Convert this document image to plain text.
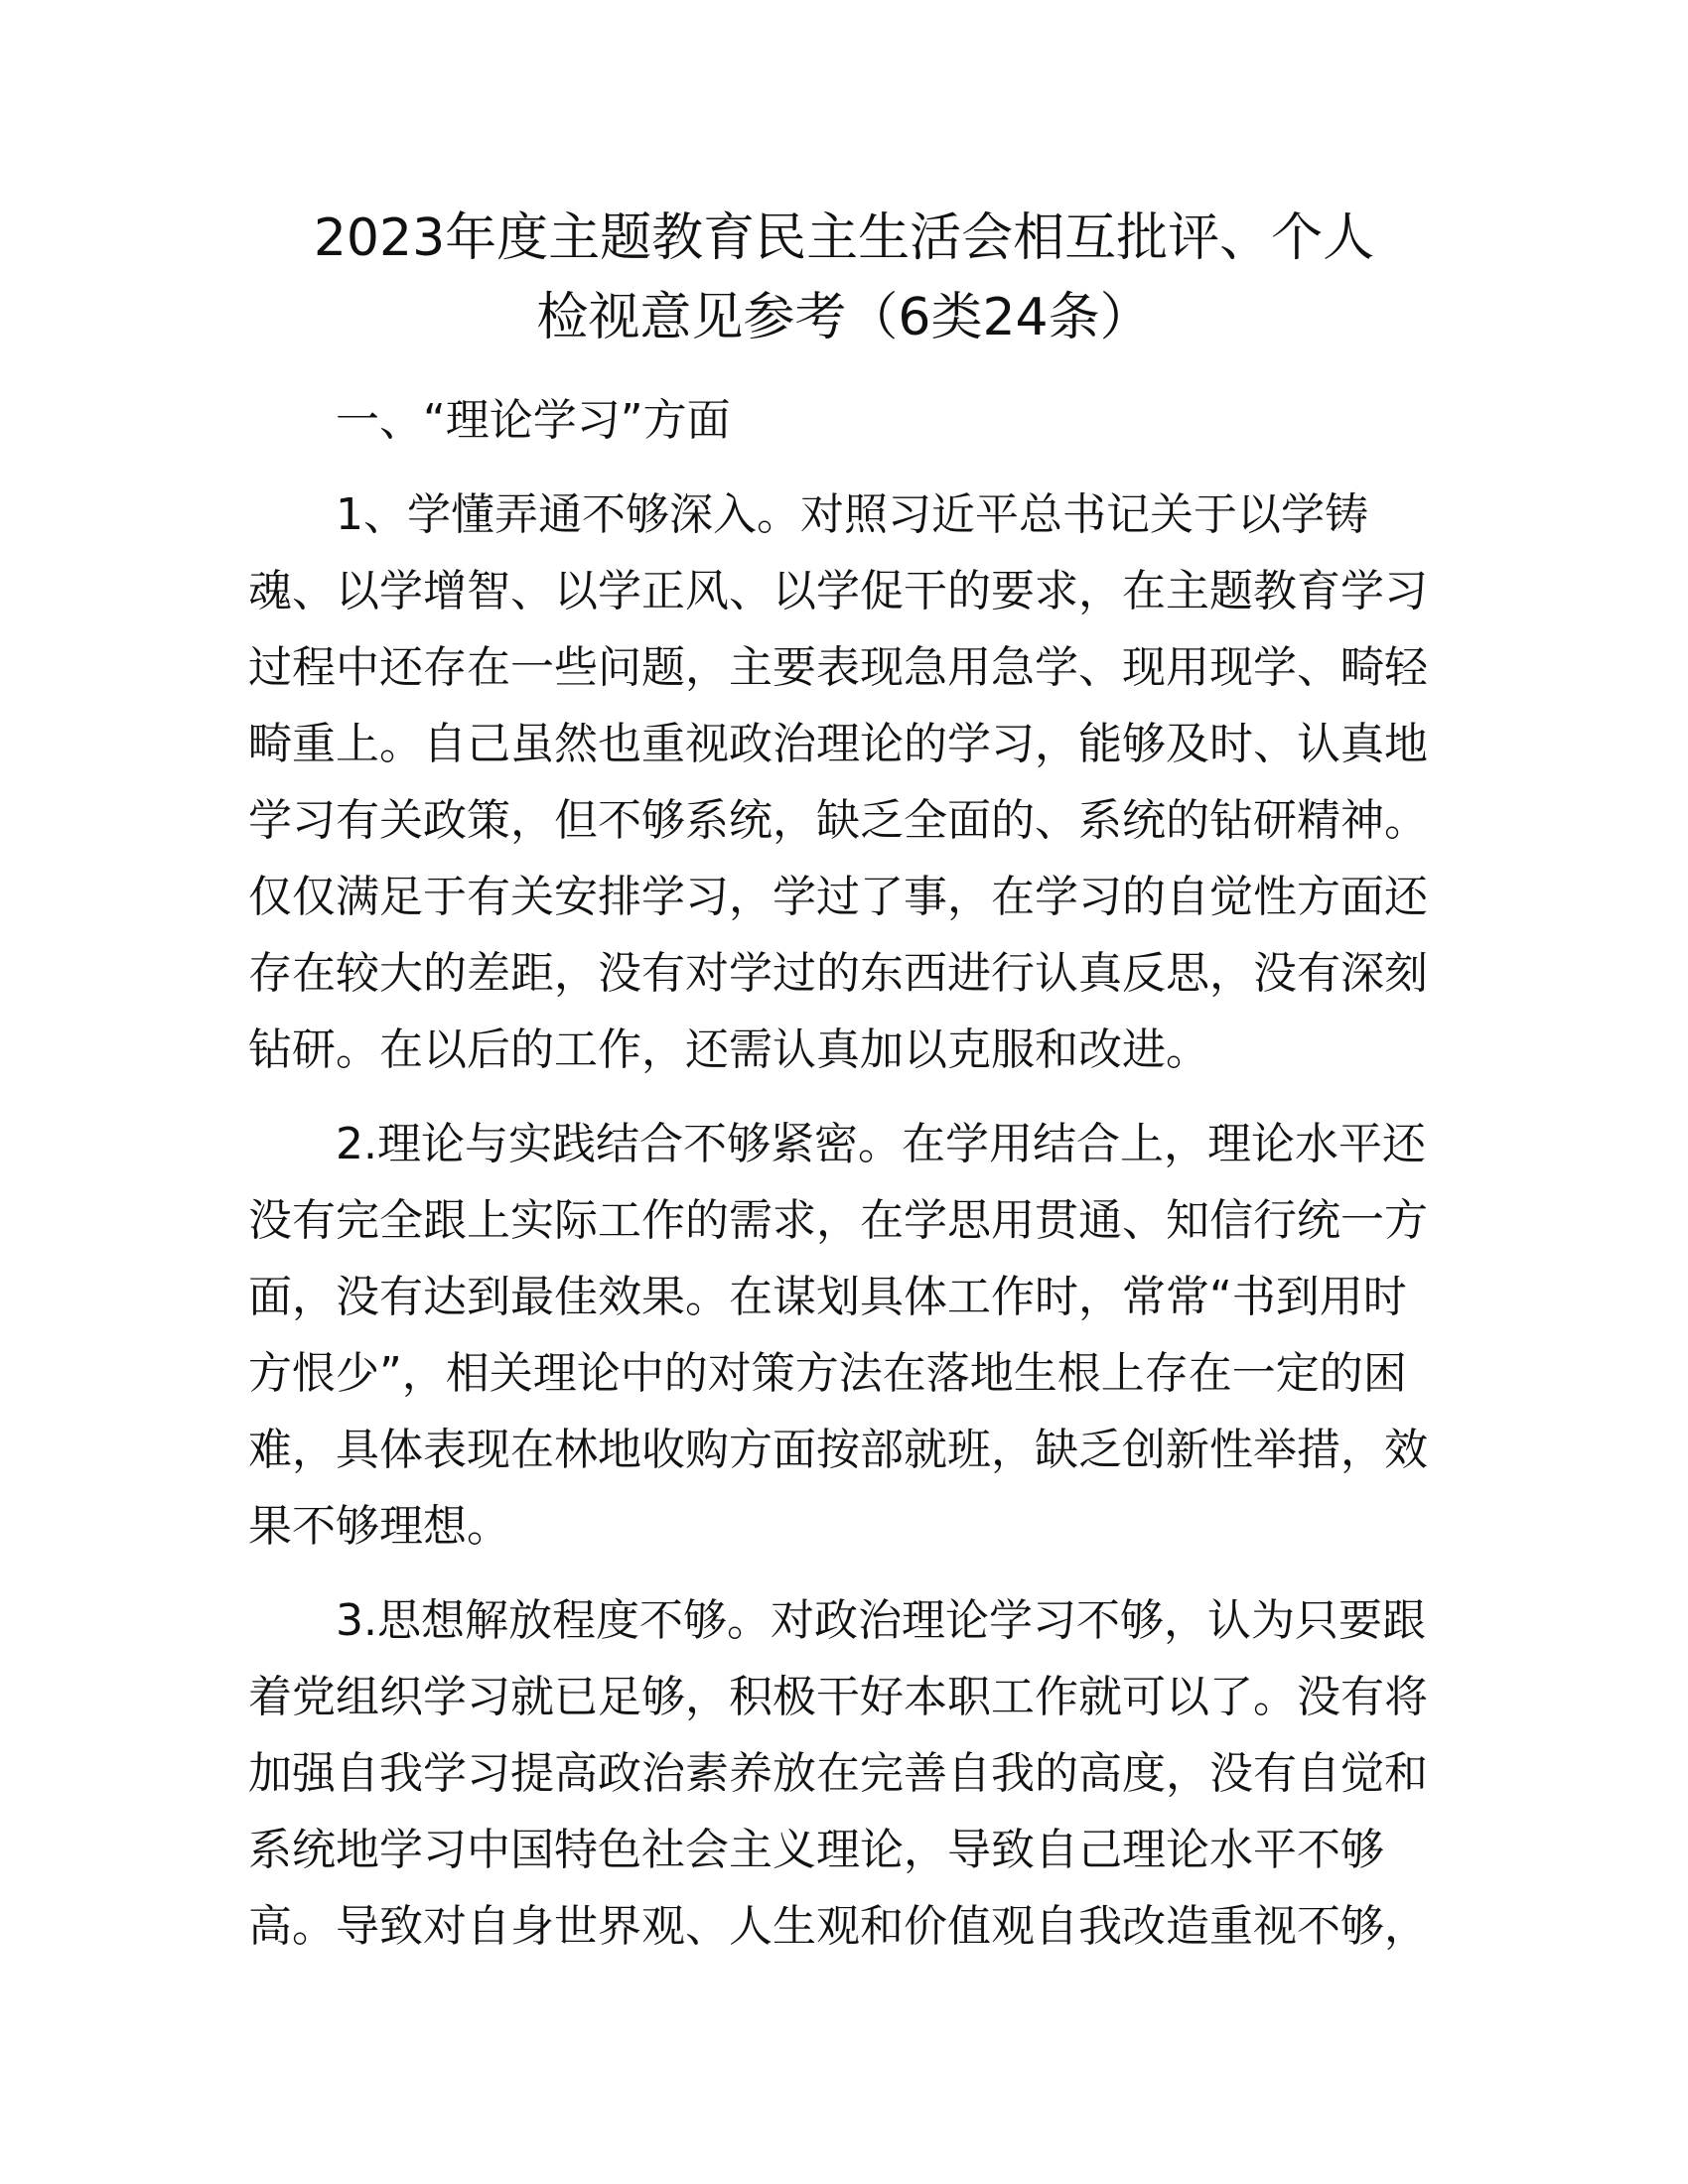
2023年度主题教育民主生活会相互批评、个人
检视意见参考（6类24条）
一、“理论学习”方面

1、学懂弄通不够深入。对照习近平总书记关于以学铸
魂、以学增智、以学正风、以学促干的要求，在主题教育学习
过程中还存在一些问题，主要表现急用急学、现用现学、畸轻
畸重上。自己虽然也重视政治理论的学习，能够及时、认真地
学习有关政策，但不够系统，缺乏全面的、系统的钻研精神。
仅仅满足于有关安排学习，学过了事，在学习的自觉性方面还
存在较大的差距，没有对学过的东西进行认真反思，没有深刻
钻研。在以后的工作，还需认真加以克服和改进。

2.理论与实践结合不够紧密。在学用结合上，理论水平还
没有完全跟上实际工作的需求，在学思用贯通、知信行统一方
面，没有达到最佳效果。在谋划具体工作时，常常“书到用时
方恨少”，相关理论中的对策方法在落地生根上存在一定的困
难，具体表现在林地收购方面按部就班，缺乏创新性举措，效
果不够理想。

3.思想解放程度不够。对政治理论学习不够，认为只要跟
着党组织学习就已足够，积极干好本职工作就可以了。没有将
加强自我学习提高政治素养放在完善自我的高度，没有自觉和
系统地学习中国特色社会主义理论，导致自己理论水平不够
高。导致对自身世界观、人生观和价值观自我改造重视不够，
